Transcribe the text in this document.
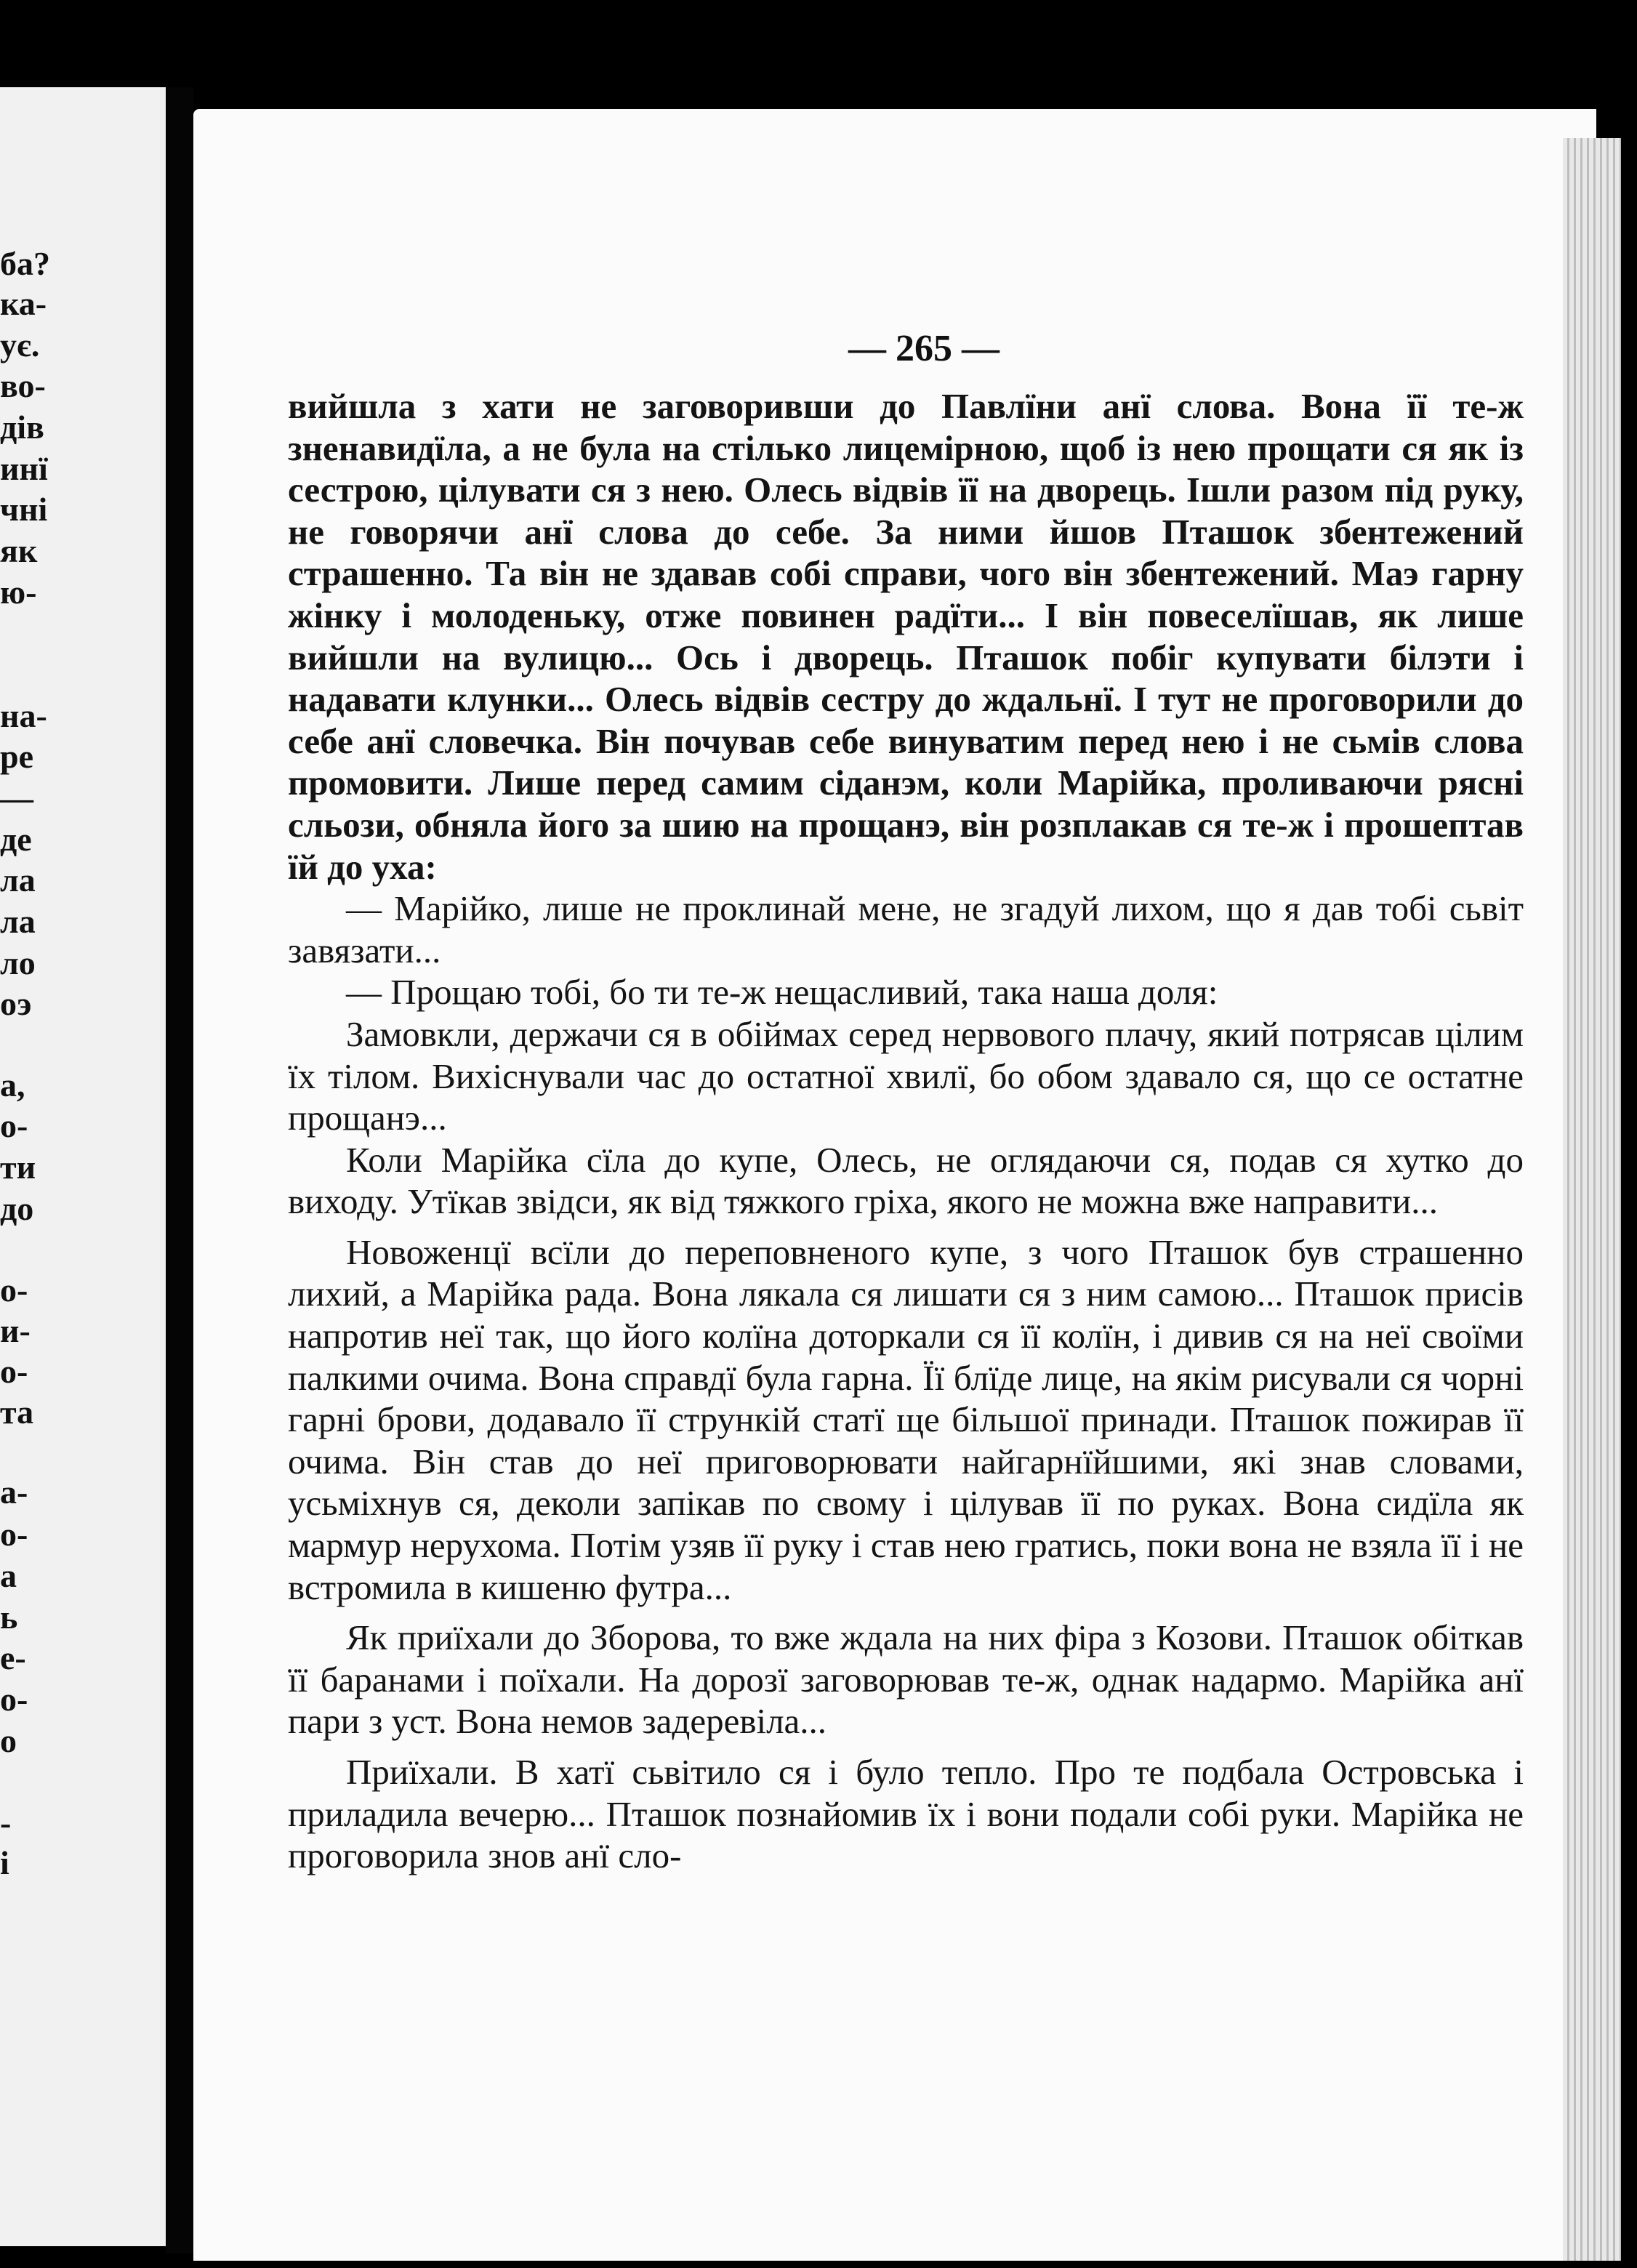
ба?
ка-
ує.
во-
дів
инї
чні
як
ю-
на-
ре
—
де
ла
ла
ло
оэ
а,
о-
ти
до
о-
и-
о-
та
а-
о-
а
ь
е-
о-
о
-
і
— 265 —

вийшла з хати не заговоривши до Павлїни анї слова. Вона її те-ж зненавидїла, а не була на стілько лицемірною, щоб із нею прощати ся як із сестрою, цілувати ся з нею. Олесь відвів її на дворець. Ішли разом під руку, не говорячи анї слова до себе. За ними йшов Пташок збентежений страшенно. Та він не здавав собі справи, чого він збентежений. Маэ гарну жінку і молоденьку, отже повинен радїти... І він повеселїшав, як лише вийшли на вулицю... Ось і дворець. Пташок побіг купувати білэти і надавати клунки... Олесь відвів сестру до ждальнї. І тут не проговорили до себе анї словечка. Він почував себе винуватим перед нею і не сьмів слова промовити. Лише перед самим сіданэм, коли Марійка, проливаючи рясні сльози, обняла його за шию на прощанэ, він розплакав ся те-ж і прошептав їй до уха:

— Марійко, лише не проклинай мене, не згадуй лихом, що я дав тобі сьвіт завязати...

— Прощаю тобі, бо ти те-ж нещасливий, така наша доля:

Замовкли, держачи ся в обіймах серед нервового плачу, який потрясав цілим їх тілом. Вихіснували час до остатної хвилї, бо обом здавало ся, що се остатне прощанэ...

Коли Марійка сїла до купе, Олесь, не оглядаючи ся, подав ся хутко до виходу. Утїкав звідси, як від тяжкого гріха, якого не можна вже направити...

Новоженцї всїли до переповненого купе, з чого Пташок був страшенно лихий, а Марійка рада. Вона лякала ся лишати ся з ним самою... Пташок присів напротив неї так, що його колїна доторкали ся її колїн, і дивив ся на неї своїми палкими очима. Вона справдї була гарна. Її блїде лице, на якім рисували ся чорні гарні брови, додавало її стрункій статї ще більшої принади. Пташок пожирав її очима. Він став до неї приговорювати найгарнїйшими, які знав словами, усьміхнув ся, деколи запікав по свому і цілував її по руках. Вона сидїла як мармур нерухома. Потім узяв її руку і став нею гратись, поки вона не взяла її і не встромила в кишеню футра...

Як приїхали до Зборова, то вже ждала на них фіра з Козови. Пташок обіткав її баранами і поїхали. На дорозї заговорював те-ж, однак надармо. Марійка анї пари з уст. Вона немов задеревіла...

Приїхали. В хатї сьвітило ся і було тепло. Про те подбала Островська і приладила вечерю... Пташок познайомив їх і вони подали собі руки. Марійка не проговорила знов анї сло-
